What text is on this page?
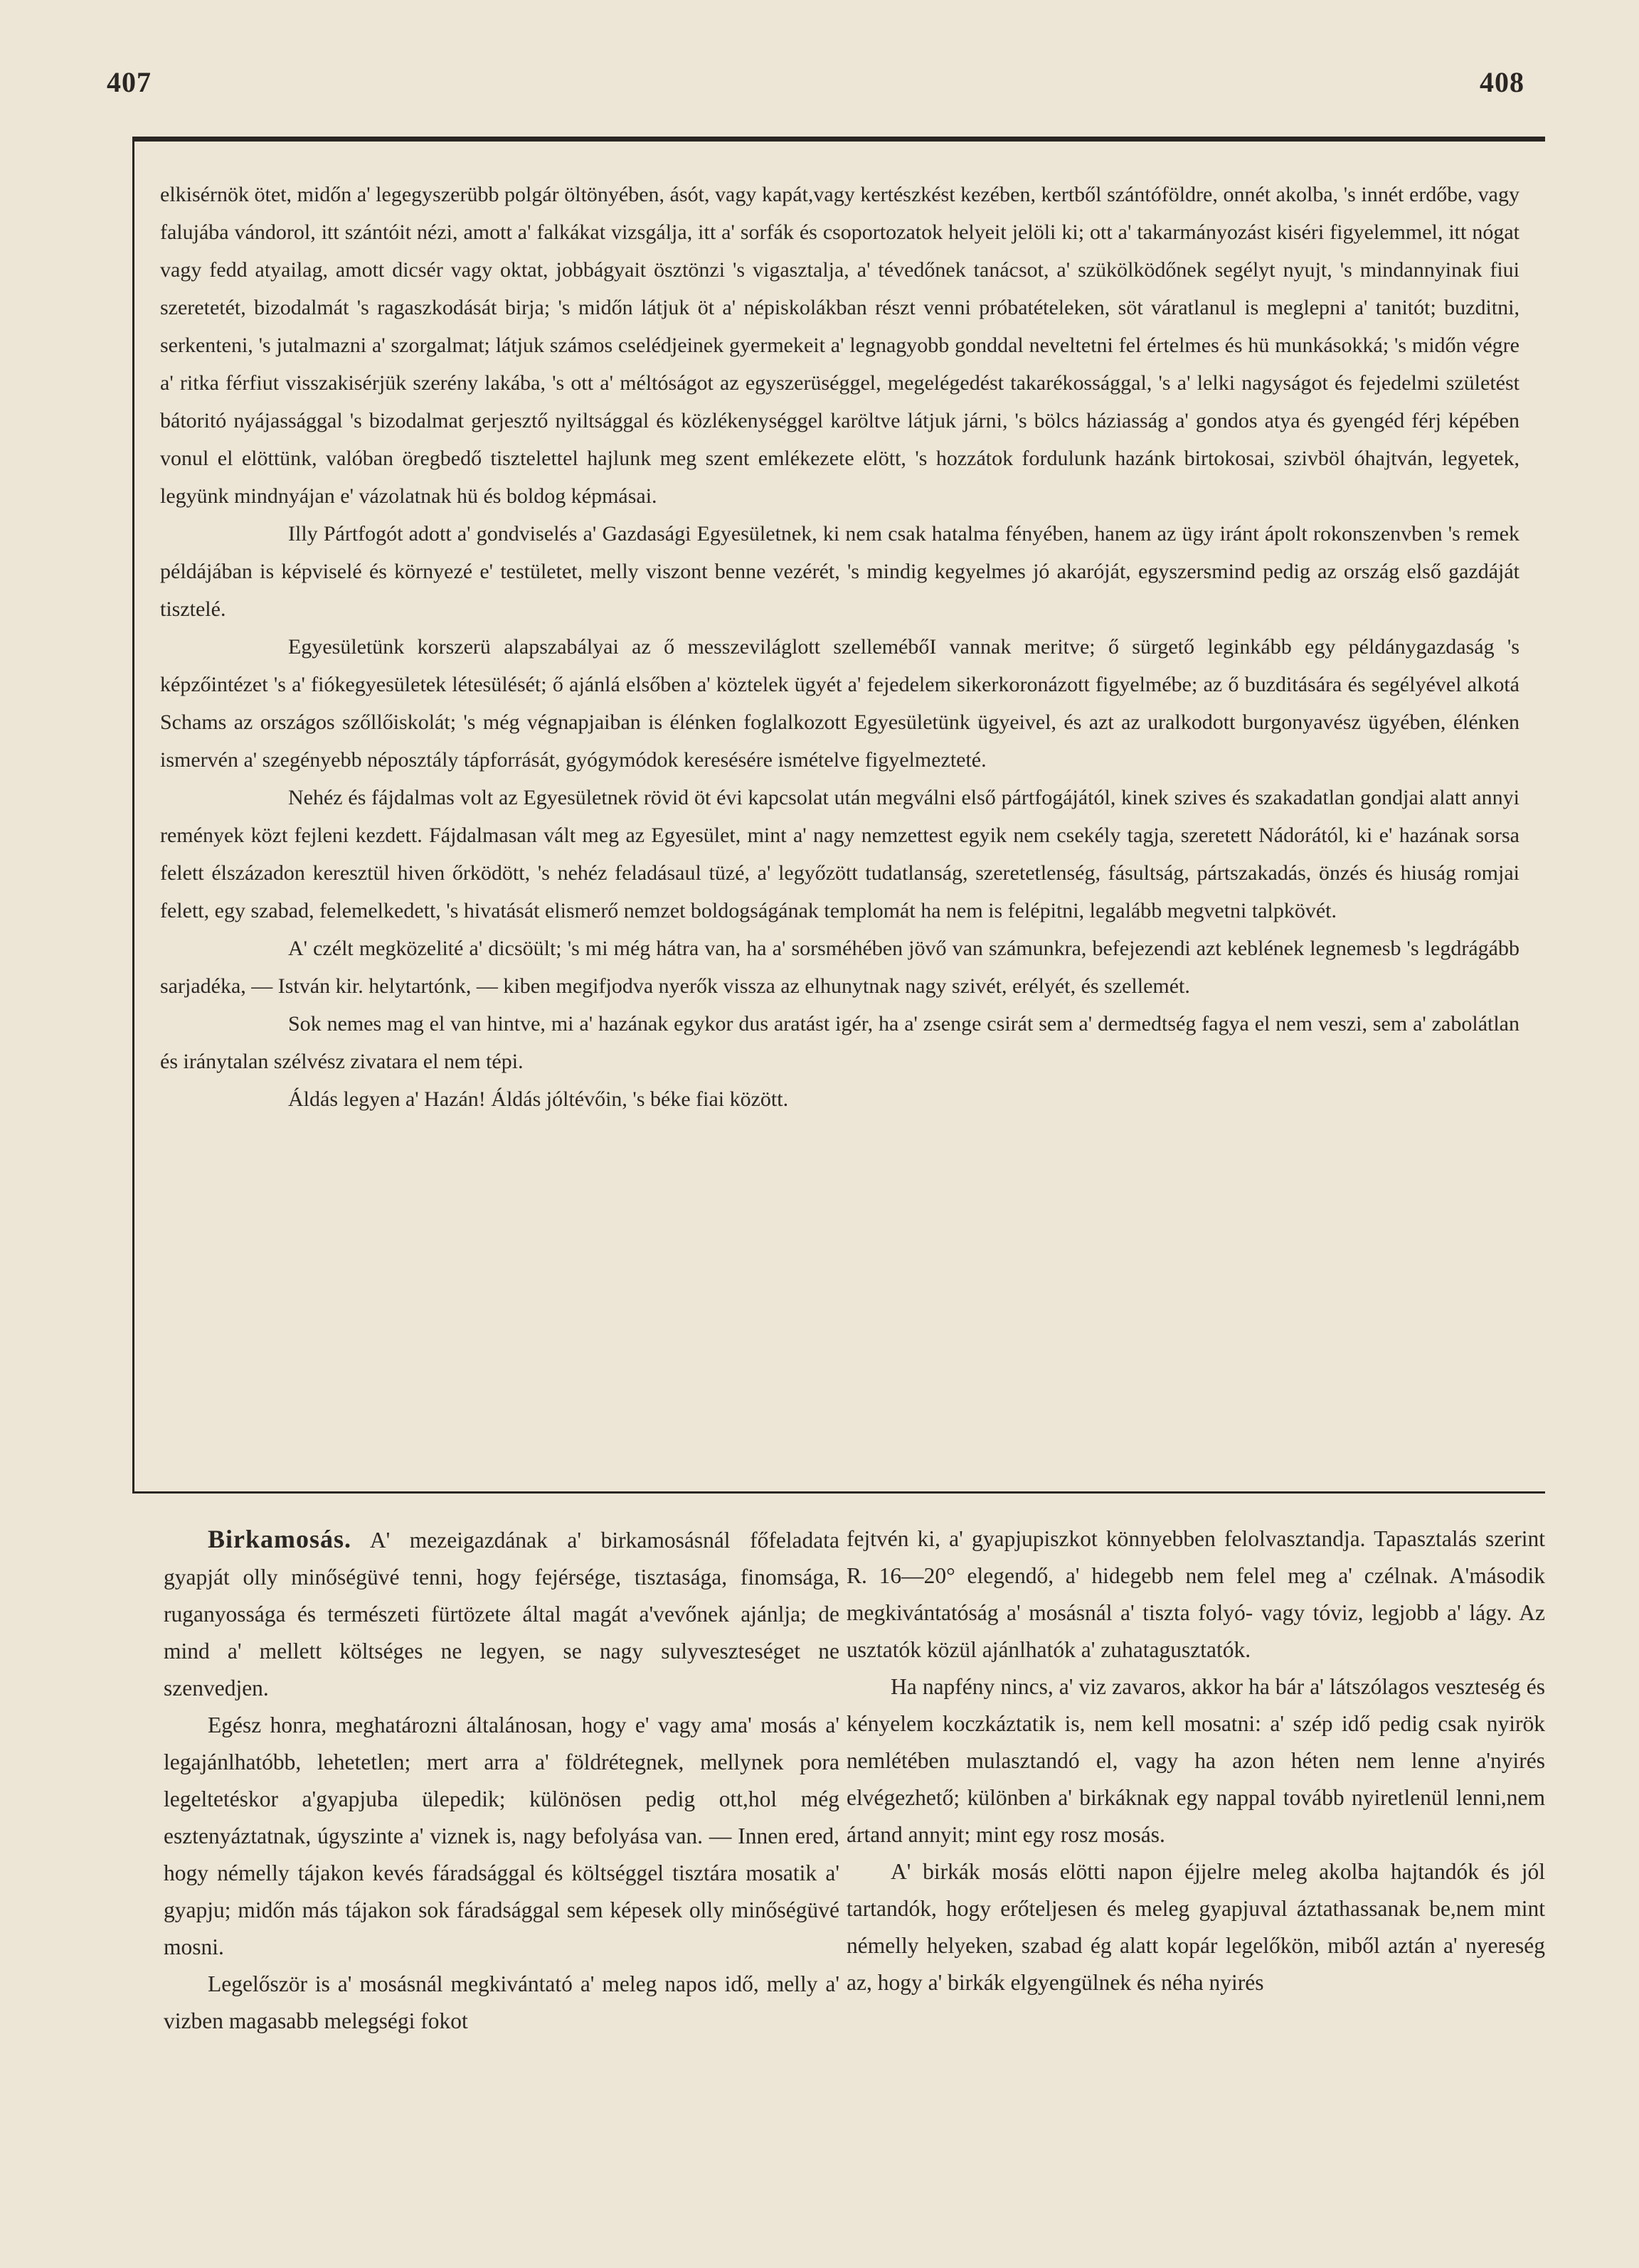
407	408

elkisérnök ötet, midőn a' legegyszerübb polgár öltönyében, ásót, vagy kapát,vagy kertészkést kezében, kertből szántóföldre, onnét akolba, 's innét erdőbe, vagy falujába vándorol, itt szántóit nézi, amott a' falkákat vizsgálja, itt a' sorfák és csoportozatok helyeit jelöli ki; ott a' takarmányozást kiséri figyelemmel, itt nógat vagy fedd atyailag, amott dicsér vagy oktat, jobbágyait ösztönzi 's vigasztalja, a' tévedőnek tanácsot, a' szükölködőnek segélyt nyujt, 's mindannyinak fiui szeretetét, bizodalmát 's ragaszkodását birja; 's midőn látjuk öt a' népiskolákban részt venni próbatételeken, söt váratlanul is meglepni a' tanitót; buzditni, serkenteni, 's jutalmazni a' szorgalmat; látjuk számos cselédjeinek gyermekeit a' legnagyobb gonddal neveltetni fel értelmes és hü munkásokká; 's midőn végre a' ritka férfiut visszakisérjük szerény lakába, 's ott a' méltóságot az egyszerüséggel, megelégedést takarékossággal, 's a' lelki nagyságot és fejedelmi születést bátoritó nyájassággal 's bizodalmat gerjesztő nyiltsággal és közlékenységgel karöltve látjuk járni, 's bölcs háziasság a' gondos atya és gyengéd férj képében vonul el elöttünk, valóban öregbedő tisztelettel hajlunk meg szent emlékezete elött, 's hozzátok fordulunk hazánk birtokosai, szivböl óhajtván, legyetek, legyünk mindnyájan e' vázolatnak hü és boldog képmásai.

Illy Pártfogót adott a' gondviselés a' Gazdasági Egyesületnek, ki nem csak hatalma fényében, hanem az ügy iránt ápolt rokonszenvben 's remek példájában is képviselé és környezé e' testületet, melly viszont benne vezérét, 's mindig kegyelmes jó akaróját, egyszersmind pedig az ország első gazdáját tisztelé.

Egyesületünk korszerü alapszabályai az ő messzeviláglott szellemébőI vannak meritve; ő sürgető leginkább egy példánygazdaság 's képzőintézet 's a' fiókegyesületek létesülését; ő ajánlá elsőben a' köztelek ügyét a' fejedelem sikerkoronázott figyelmébe; az ő buzditására és segélyével alkotá Schams az országos szőllőiskolát; 's még végnapjaiban is élénken foglalkozott Egyesületünk ügyeivel, és azt az uralkodott burgonyavész ügyében, élénken ismervén a' szegényebb néposztály tápforrását, gyógymódok keresésére ismételve figyelmezteté.

Nehéz és fájdalmas volt az Egyesületnek rövid öt évi kapcsolat után megválni első pártfogájától, kinek szives és szakadatlan gondjai alatt annyi remények közt fejleni kezdett. Fájdalmasan vált meg az Egyesület, mint a' nagy nemzettest egyik nem csekély tagja, szeretett Nádorától, ki e' hazának sorsa felett élszázadon keresztül hiven őrködött, 's nehéz feladásaul tüzé, a' legyőzött tudatlanság, szeretetlenség, fásultság, pártszakadás, önzés és hiuság romjai felett, egy szabad, felemelkedett, 's hivatását elismerő nemzet boldogságának templomát ha nem is felépitni, legalább megvetni talpkövét.

A' czélt megközelité a' dicsöült; 's mi még hátra van, ha a' sorsméhében jövő van számunkra, befejezendi azt keblének legnemesb 's legdrágább sarjadéka, — István kir. helytartónk, — kiben megifjodva nyerők vissza az elhunytnak nagy szivét, erélyét, és szellemét.

Sok nemes mag el van hintve, mi a' hazának egykor dus aratást igér, ha a' zsenge csirát sem a' dermedtség fagya el nem veszi, sem a' zabolátlan és iránytalan szélvész zivatara el nem tépi.

Áldás legyen a' Hazán! Áldás jóltévőin, 's béke fiai között.

Birkamosás. A' mezeigazdának a' birkamosásnál főfeladata gyapját olly minőségüvé tenni, hogy fejérsége, tisztasága, finomsága, ruganyossága és természeti fürtözete által magát a'vevőnek ajánlja; de mind a' mellett költséges ne legyen, se nagy sulyveszteséget ne szenvedjen.

Egész honra, meghatározni általánosan, hogy e' vagy ama' mosás a' legajánlhatóbb, lehetetlen; mert arra a' földrétegnek, mellynek pora legeltetéskor a'gyapjuba ülepedik; különösen pedig ott,hol még esztenyáztatnak, úgyszinte a' viznek is, nagy befolyása van. — Innen ered, hogy némelly tájakon kevés fáradsággal és költséggel tisztára mosatik a' gyapju; midőn más tájakon sok fáradsággal sem képesek olly minőségüvé mosni.

Legelőször is a' mosásnál megkivántató a' meleg napos idő, melly a' vizben magasabb melegségi fokot

fejtvén ki, a' gyapjupiszkot könnyebben felolvasztandja. Tapasztalás szerint R. 16—20° elegendő, a' hidegebb nem felel meg a' czélnak. A'második megkivántatóság a' mosásnál a' tiszta folyó- vagy tóviz, legjobb a' lágy. Az usztatók közül ajánlhatók a' zuhatagusztatók.

Ha napfény nincs, a' viz zavaros, akkor ha bár a' látszólagos veszteség és kényelem koczkáztatik is, nem kell mosatni: a' szép idő pedig csak nyirök nemlétében mulasztandó el, vagy ha azon héten nem lenne a'nyirés elvégezhető; különben a' birkáknak egy nappal tovább nyiretlenül lenni,nem ártand annyit; mint egy rosz mosás.

A' birkák mosás elötti napon éjjelre meleg akolba hajtandók és jól tartandók, hogy erőteljesen és meleg gyapjuval áztathassanak be,nem mint némelly helyeken, szabad ég alatt kopár legelőkön, miből aztán a' nyereség az, hogy a' birkák elgyengülnek és néha nyirés
